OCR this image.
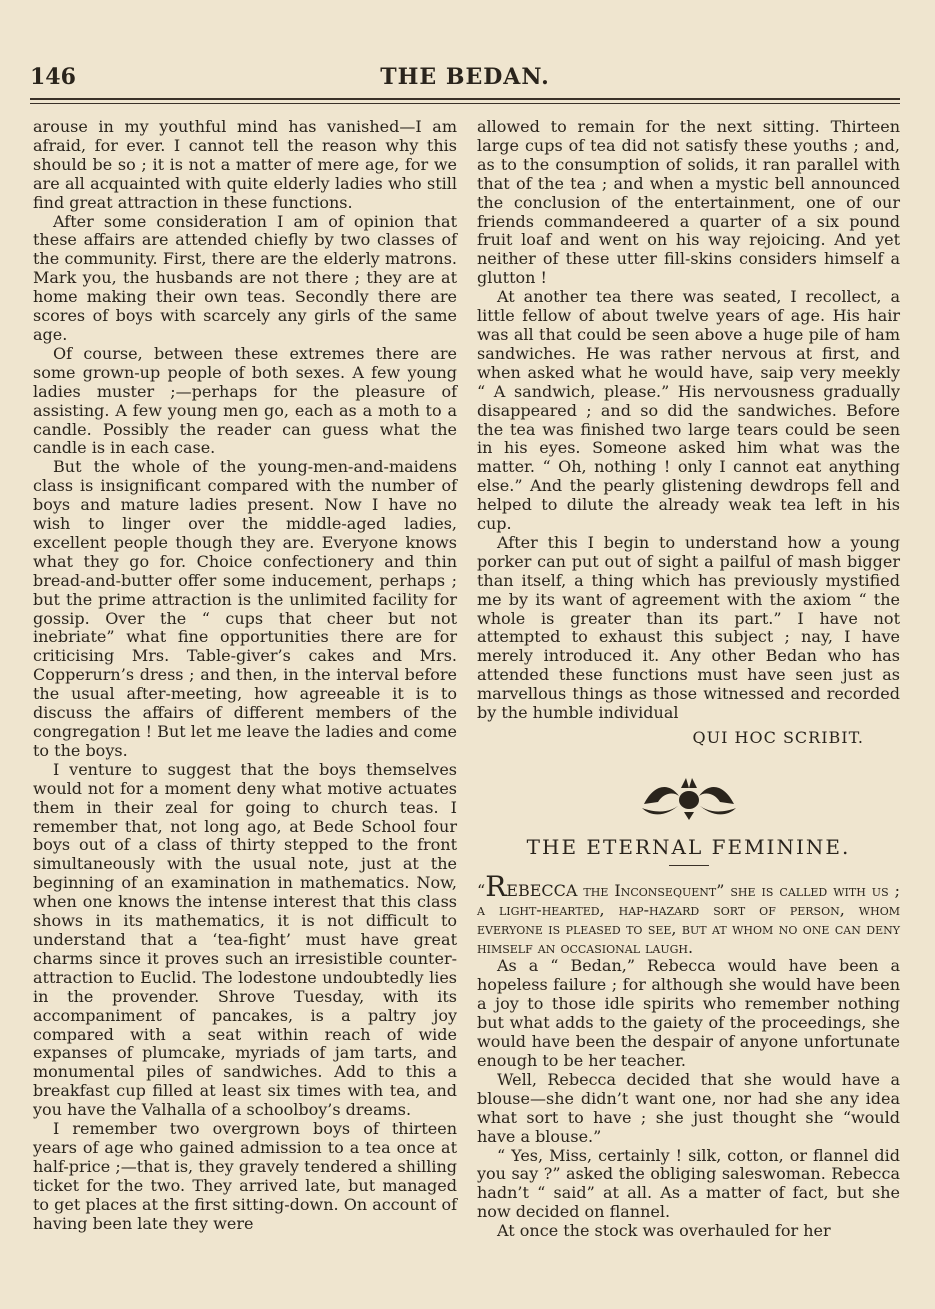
146	THE BEDAN.

arouse in my youthful mind has vanished—I am afraid, for ever. I cannot tell the reason why this should be so ; it is not a matter of mere age, for we are all acquainted with quite elderly ladies who still find great attraction in these functions.

After some consideration I am of opinion that these affairs are attended chiefly by two classes of the community. First, there are the elderly matrons. Mark you, the husbands are not there ; they are at home making their own teas. Secondly there are scores of boys with scarcely any girls of the same age.

Of course, between these extremes there are some grown-up people of both sexes. A few young ladies muster ;—perhaps for the pleasure of assisting. A few young men go, each as a moth to a candle. Possibly the reader can guess what the candle is in each case.

But the whole of the young-men-and-maidens class is insignificant compared with the number of boys and mature ladies present. Now I have no wish to linger over the middle-aged ladies, excellent people though they are. Everyone knows what they go for. Choice confectionery and thin bread-and-butter offer some inducement, perhaps ; but the prime attraction is the unlimited facility for gossip. Over the “ cups that cheer but not inebriate” what fine opportunities there are for criticising Mrs. Table-giver’s cakes and Mrs. Copperurn’s dress ; and then, in the interval before the usual after-meeting, how agreeable it is to discuss the affairs of different members of the congregation ! But let me leave the ladies and come to the boys.

I venture to suggest that the boys themselves would not for a moment deny what motive actuates them in their zeal for going to church teas. I remember that, not long ago, at Bede School four boys out of a class of thirty stepped to the front simultaneously with the usual note, just at the beginning of an examination in mathematics. Now, when one knows the intense interest that this class shows in its mathematics, it is not difficult to understand that a ‘tea-fight’ must have great charms since it proves such an irresistible counter-attraction to Euclid. The lodestone undoubtedly lies in the provender. Shrove Tuesday, with its accompaniment of pancakes, is a paltry joy compared with a seat within reach of wide expanses of plumcake, myriads of jam tarts, and monumental piles of sandwiches. Add to this a breakfast cup filled at least six times with tea, and you have the Valhalla of a schoolboy’s dreams.

I remember two overgrown boys of thirteen years of age who gained admission to a tea once at half-price ;—that is, they gravely tendered a shilling ticket for the two. They arrived late, but managed to get places at the first sitting-down. On account of having been late they were

allowed to remain for the next sitting. Thirteen large cups of tea did not satisfy these youths ; and, as to the consumption of solids, it ran parallel with that of the tea ; and when a mystic bell announced the conclusion of the entertainment, one of our friends commandeered a quarter of a six pound fruit loaf and went on his way rejoicing. And yet neither of these utter fill-skins considers himself a glutton !

At another tea there was seated, I recollect, a little fellow of about twelve years of age. His hair was all that could be seen above a huge pile of ham sandwiches. He was rather nervous at first, and when asked what he would have, saip very meekly “ A sandwich, please.” His nervousness gradually disappeared ; and so did the sandwiches. Before the tea was finished two large tears could be seen in his eyes. Someone asked him what was the matter. “ Oh, nothing ! only I cannot eat anything else.” And the pearly glistening dewdrops fell and helped to dilute the already weak tea left in his cup.

After this I begin to understand how a young porker can put out of sight a pailful of mash bigger than itself, a thing which has previously mystified me by its want of agreement with the axiom “ the whole is greater than its part.” I have not attempted to exhaust this subject ; nay, I have merely introduced it. Any other Bedan who has attended these functions must have seen just as marvellous things as those witnessed and recorded by the humble individual

QUI HOC SCRIBIT.
THE ETERNAL FEMININE.

“REBECCA the Inconsequent” she is called with us ; a light-hearted, hap-hazard sort of person, whom everyone is pleased to see, but at whom no one can deny himself an occasional laugh.

As a “ Bedan,” Rebecca would have been a hopeless failure ; for although she would have been a joy to those idle spirits who remember nothing but what adds to the gaiety of the proceedings, she would have been the despair of anyone unfortunate enough to be her teacher.

Well, Rebecca decided that she would have a blouse—she didn’t want one, nor had she any idea what sort to have ; she just thought she “would have a blouse.”

“ Yes, Miss, certainly ! silk, cotton, or flannel did you say ?” asked the obliging saleswoman. Rebecca hadn’t “ said” at all. As a matter of fact, but she now decided on flannel.

At once the stock was overhauled for her
